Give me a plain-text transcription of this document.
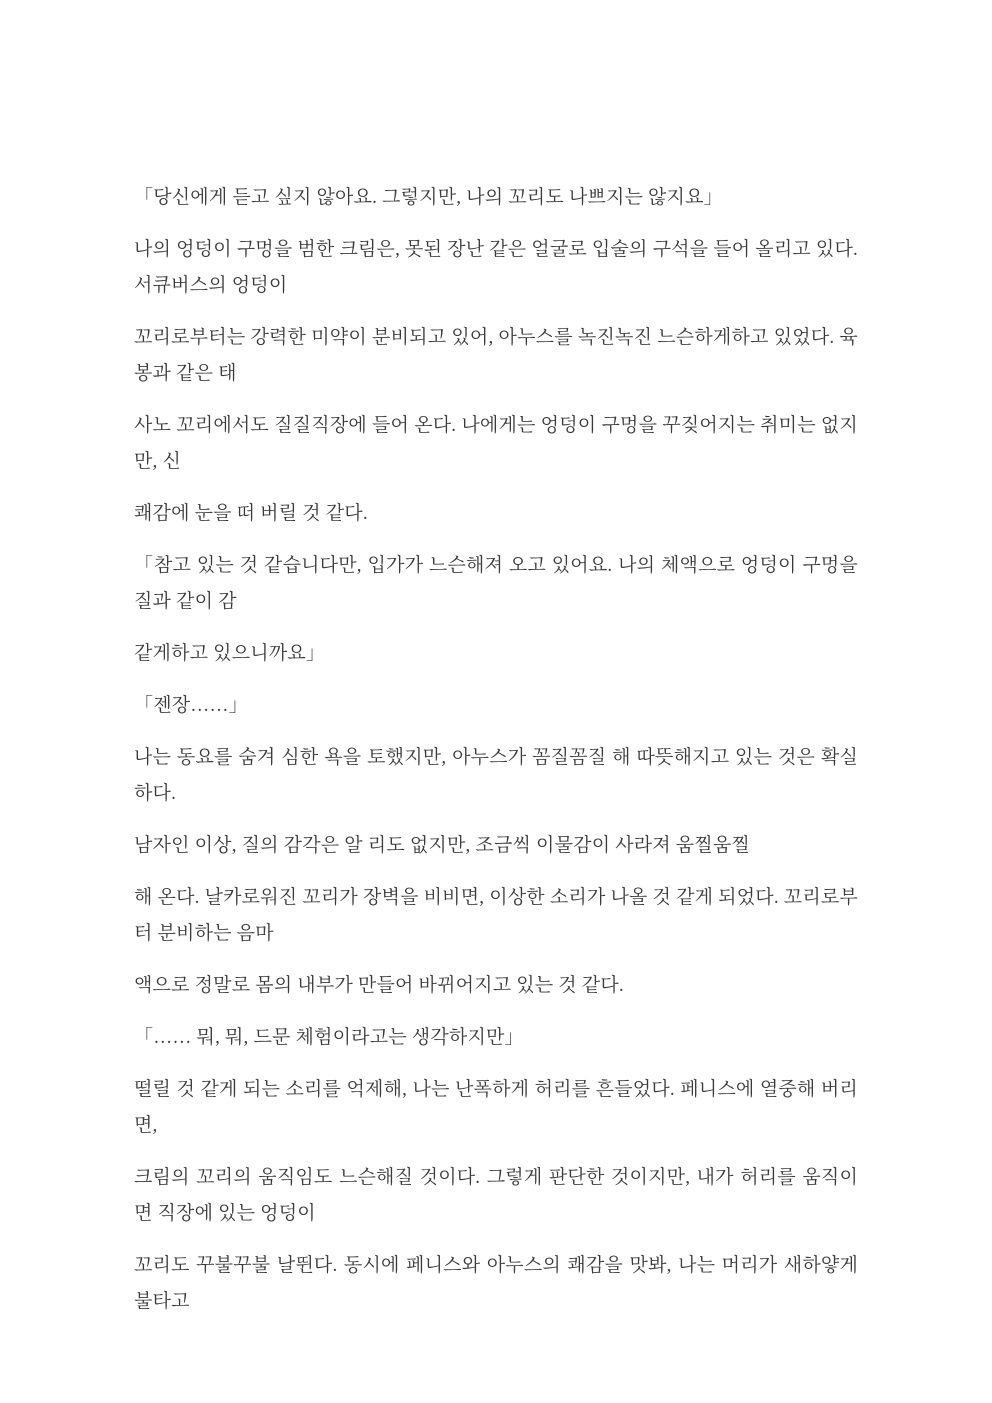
「당신에게 듣고 싶지 않아요. 그렇지만, 나의 꼬리도 나쁘지는 않지요」

나의 엉덩이 구멍을 범한 크림은, 못된 장난 같은 얼굴로 입술의 구석을 들어 올리고 있다. 서큐버스의 엉덩이

꼬리로부터는 강력한 미약이 분비되고 있어, 아누스를 녹진녹진 느슨하게하고 있었다. 육봉과 같은 태

사노 꼬리에서도 질질직장에 들어 온다. 나에게는 엉덩이 구멍을 꾸짖어지는 취미는 없지만, 신

쾌감에 눈을 떠 버릴 것 같다.

「참고 있는 것 같습니다만, 입가가 느슨해져 오고 있어요. 나의 체액으로 엉덩이 구멍을 질과 같이 감

같게하고 있으니까요」

「젠장……」

나는 동요를 숨겨 심한 욕을 토했지만, 아누스가 꼼질꼼질 해 따뜻해지고 있는 것은 확실하다.

남자인 이상, 질의 감각은 알 리도 없지만, 조금씩 이물감이 사라져 움찔움찔

해 온다. 날카로워진 꼬리가 장벽을 비비면, 이상한 소리가 나올 것 같게 되었다. 꼬리로부터 분비하는 음마

액으로 정말로 몸의 내부가 만들어 바뀌어지고 있는 것 같다.

「…… 뭐, 뭐, 드문 체험이라고는 생각하지만」

떨릴 것 같게 되는 소리를 억제해, 나는 난폭하게 허리를 흔들었다. 페니스에 열중해 버리면,

크림의 꼬리의 움직임도 느슨해질 것이다. 그렇게 판단한 것이지만, 내가 허리를 움직이면 직장에 있는 엉덩이

꼬리도 꾸불꾸불 날뛴다. 동시에 페니스와 아누스의 쾌감을 맛봐, 나는 머리가 새하얗게 불타고
